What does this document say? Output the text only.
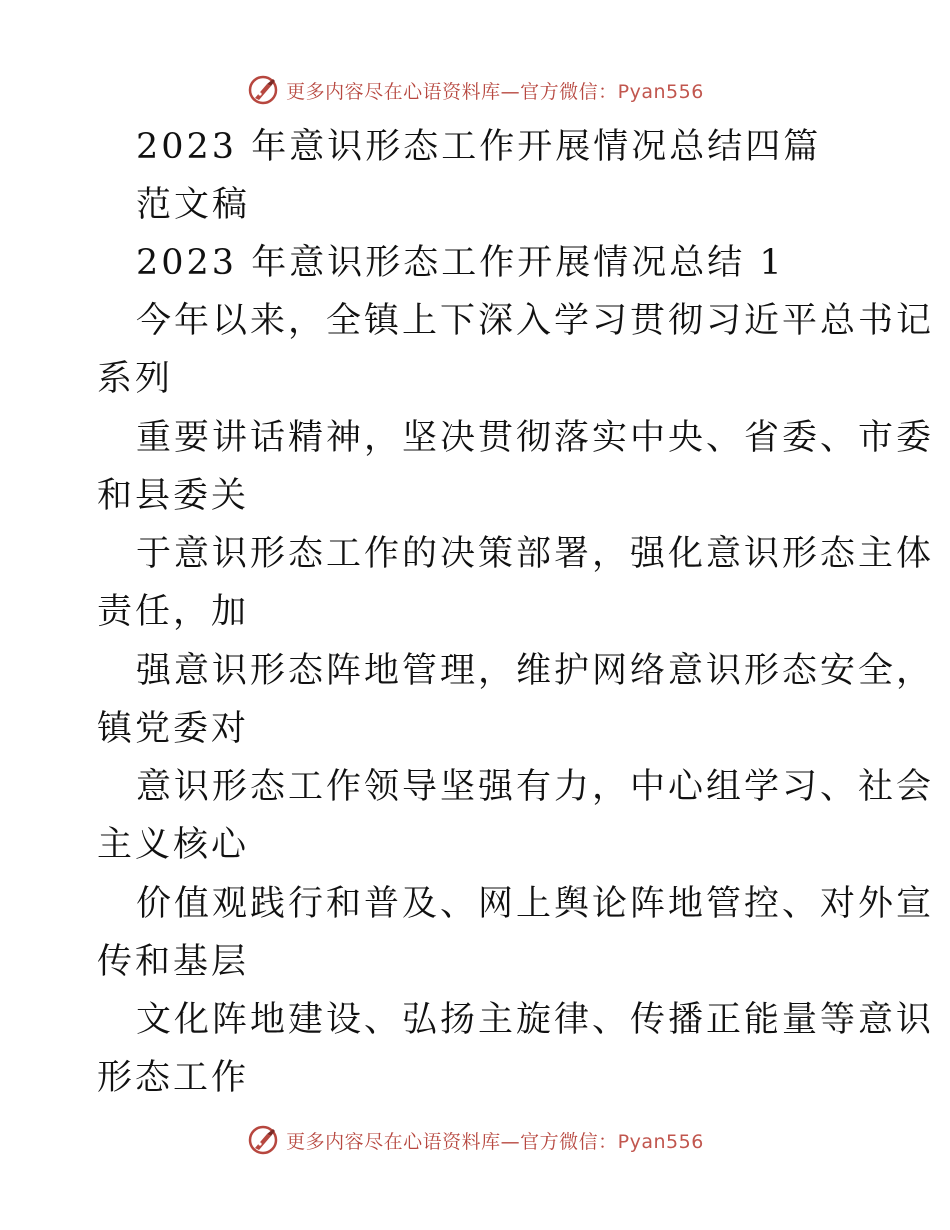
更多内容尽在心语资料库—官方微信：Pyan556
2023 年意识形态工作开展情况总结四篇
范文稿
2023 年意识形态工作开展情况总结 1
今年以来，全镇上下深入学习贯彻习近平总书记
系列
重要讲话精神，坚决贯彻落实中央、省委、市委
和县委关
于意识形态工作的决策部署，强化意识形态主体
责任，加
强意识形态阵地管理，维护网络意识形态安全，
镇党委对
意识形态工作领导坚强有力，中心组学习、社会
主义核心
价值观践行和普及、网上舆论阵地管控、对外宣
传和基层
文化阵地建设、弘扬主旋律、传播正能量等意识
形态工作
更多内容尽在心语资料库—官方微信：Pyan556
